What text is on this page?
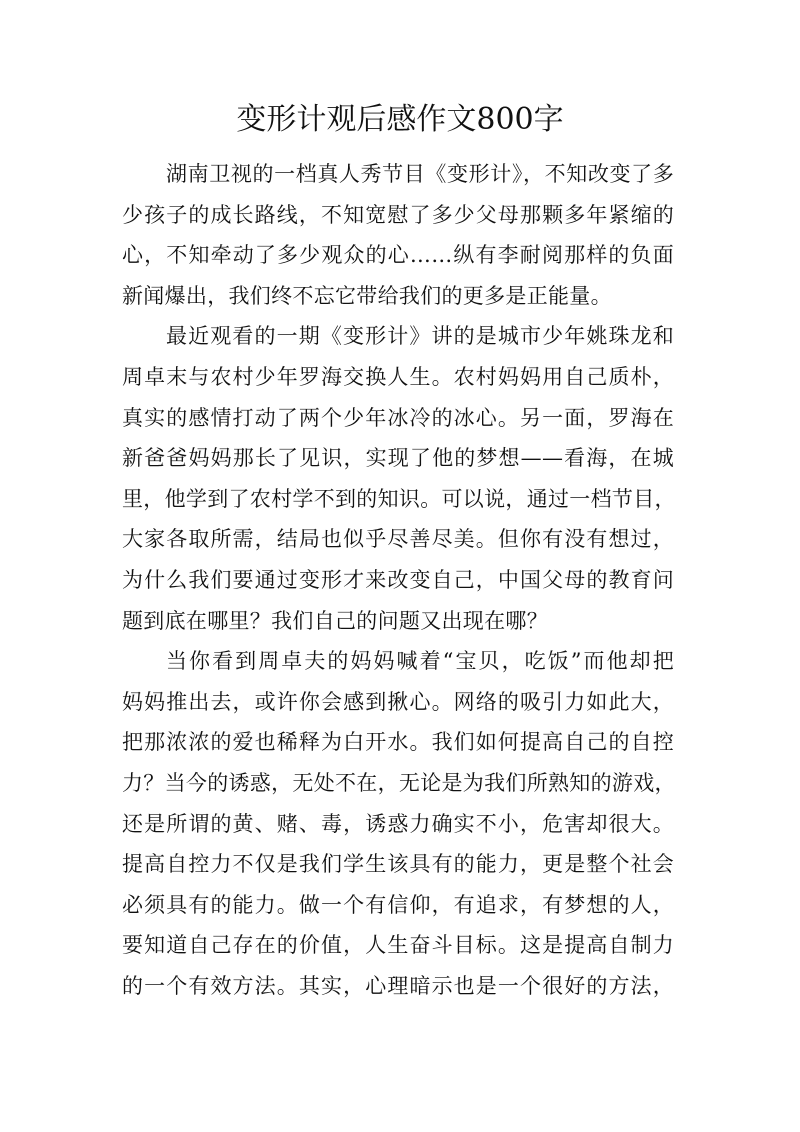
变形计观后感作文800字
湖南卫视的一档真人秀节目《变形计》，不知改变了多
少孩子的成长路线，不知宽慰了多少父母那颗多年紧缩的
心，不知牵动了多少观众的心……纵有李耐阅那样的负面
新闻爆出，我们终不忘它带给我们的更多是正能量。
最近观看的一期《变形计》讲的是城市少年姚珠龙和
周卓末与农村少年罗海交换人生。农村妈妈用自己质朴，
真实的感情打动了两个少年冰冷的冰心。另一面，罗海在
新爸爸妈妈那长了见识，实现了他的梦想——看海，在城
里，他学到了农村学不到的知识。可以说，通过一档节目，
大家各取所需，结局也似乎尽善尽美。但你有没有想过，
为什么我们要通过变形才来改变自己，中国父母的教育问
题到底在哪里？我们自己的问题又出现在哪？
当你看到周卓夫的妈妈喊着“宝贝，吃饭”而他却把
妈妈推出去，或许你会感到揪心。网络的吸引力如此大，
把那浓浓的爱也稀释为白开水。我们如何提高自己的自控
力？当今的诱惑，无处不在，无论是为我们所熟知的游戏，
还是所谓的黄、赌、毒，诱惑力确实不小，危害却很大。
提高自控力不仅是我们学生该具有的能力，更是整个社会
必须具有的能力。做一个有信仰，有追求，有梦想的人，
要知道自己存在的价值，人生奋斗目标。这是提高自制力
的一个有效方法。其实，心理暗示也是一个很好的方法，
